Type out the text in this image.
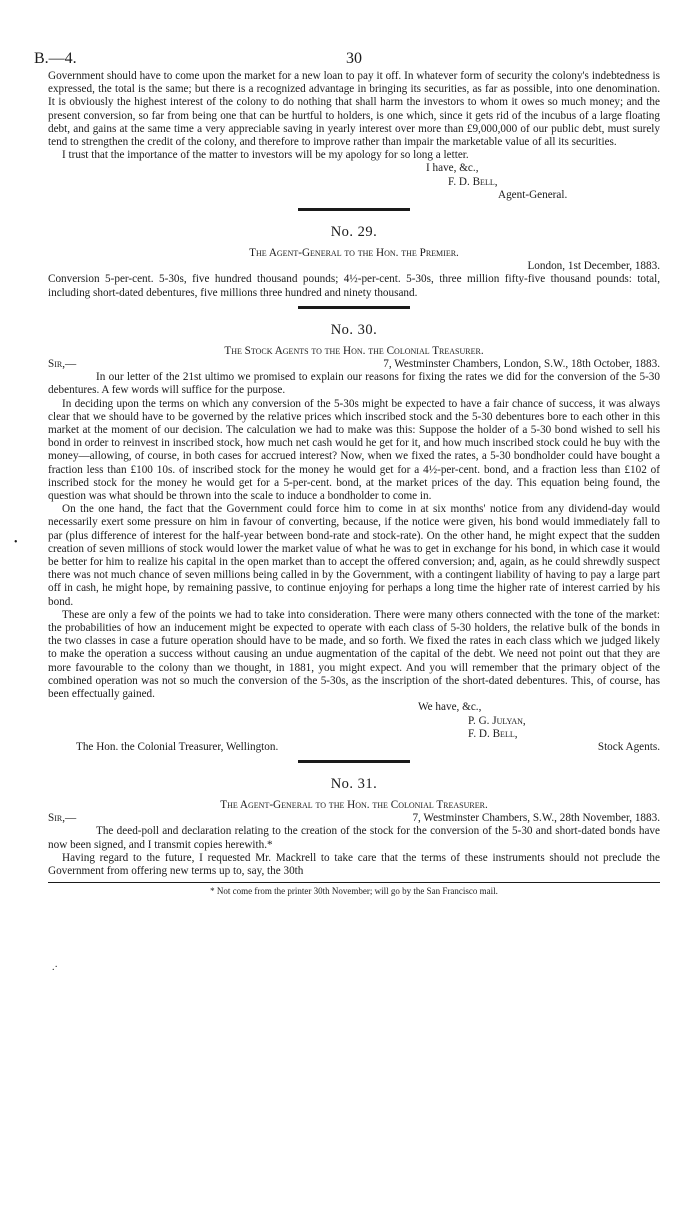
•
.·
B.—4.	30

Government should have to come upon the market for a new loan to pay it off. In whatever form of security the colony's indebtedness is expressed, the total is the same; but there is a recognized advantage in bringing its securities, as far as possible, into one denomination. It is obviously the highest interest of the colony to do nothing that shall harm the investors to whom it owes so much money; and the present conversion, so far from being one that can be hurtful to holders, is one which, since it gets rid of the incubus of a large floating debt, and gains at the same time a very appreciable saving in yearly interest over more than £9,000,000 of our public debt, must surely tend to strengthen the credit of the colony, and therefore to improve rather than impair the marketable value of all its securities.

I trust that the importance of the matter to investors will be my apology for so long a letter.

I have, &c.,
F. D. Bell,
Agent-General.
No. 29.
The Agent-General to the Hon. the Premier.
London, 1st December, 1883.

Conversion 5-per-cent. 5-30s, five hundred thousand pounds; 4½-per-cent. 5-30s, three million fifty-five thousand pounds: total, including short-dated debentures, five millions three hundred and ninety thousand.

No. 30.
The Stock Agents to the Hon. the Colonial Treasurer.
Sir,—	7, Westminster Chambers, London, S.W., 18th October, 1883.

In our letter of the 21st ultimo we promised to explain our reasons for fixing the rates we did for the conversion of the 5-30 debentures. A few words will suffice for the purpose.

In deciding upon the terms on which any conversion of the 5-30s might be expected to have a fair chance of success, it was always clear that we should have to be governed by the relative prices which inscribed stock and the 5-30 debentures bore to each other in this market at the moment of our decision. The calculation we had to make was this: Suppose the holder of a 5-30 bond wished to sell his bond in order to reinvest in inscribed stock, how much net cash would he get for it, and how much inscribed stock could he buy with the money—allowing, of course, in both cases for accrued interest? Now, when we fixed the rates, a 5-30 bondholder could have bought a fraction less than £100 10s. of inscribed stock for the money he would get for a 4½-per-cent. bond, and a fraction less than £102 of inscribed stock for the money he would get for a 5-per-cent. bond, at the market prices of the day. This equation being found, the question was what should be thrown into the scale to induce a bondholder to come in.

On the one hand, the fact that the Government could force him to come in at six months' notice from any dividend-day would necessarily exert some pressure on him in favour of converting, because, if the notice were given, his bond would immediately fall to par (plus difference of interest for the half-year between bond-rate and stock-rate). On the other hand, he might expect that the sudden creation of seven millions of stock would lower the market value of what he was to get in exchange for his bond, in which case it would be better for him to realize his capital in the open market than to accept the offered conversion; and, again, as he could shrewdly suspect there was not much chance of seven millions being called in by the Government, with a contingent liability of having to pay a large part off in cash, he might hope, by remaining passive, to continue enjoying for perhaps a long time the higher rate of interest carried by his bond.

These are only a few of the points we had to take into consideration. There were many others connected with the tone of the market: the probabilities of how an inducement might be expected to operate with each class of 5-30 holders, the relative bulk of the bonds in the two classes in case a future operation should have to be made, and so forth. We fixed the rates in each class which we judged likely to make the operation a success without causing an undue augmentation of the capital of the debt. We need not point out that they are more favourable to the colony than we thought, in 1881, you might expect. And you will remember that the primary object of the combined operation was not so much the conversion of the 5-30s, as the inscription of the short-dated debentures. This, of course, has been effectually gained.

We have, &c.,
P. G. Julyan,
F. D. Bell,
The Hon. the Colonial Treasurer, Wellington.	Stock Agents.
No. 31.
The Agent-General to the Hon. the Colonial Treasurer.
Sir,—	7, Westminster Chambers, S.W., 28th November, 1883.

The deed-poll and declaration relating to the creation of the stock for the conversion of the 5-30 and short-dated bonds have now been signed, and I transmit copies herewith.*

Having regard to the future, I requested Mr. Mackrell to take care that the terms of these instruments should not preclude the Government from offering new terms up to, say, the 30th

* Not come from the printer 30th November; will go by the San Francisco mail.
